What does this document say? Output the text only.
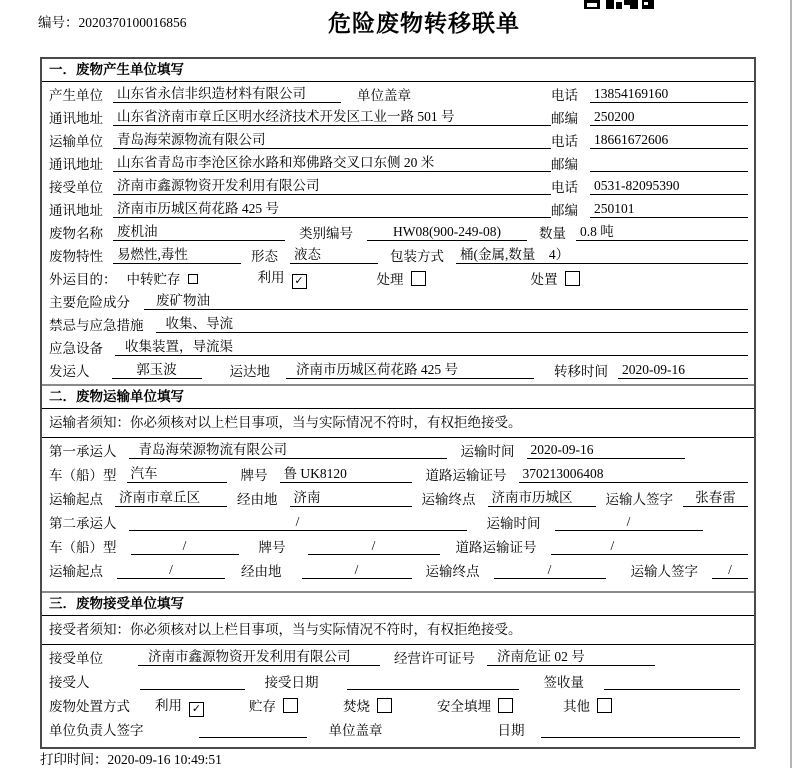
编号：2020370100016856	危险废物转移联单
一．废物产生单位填写
产生单位 山东省永信非织造材料有限公司	单位盖章	电话 13854169160
通讯地址 山东省济南市章丘区明水经济技术开发区工业一路 501 号	邮编 250200
运输单位 青岛海荣源物流有限公司	电话 18661672606
通讯地址 山东省青岛市李沧区徐水路和郑佛路交叉口东侧 20 米	邮编
接受单位 济南市鑫源物资开发利用有限公司	电话 0531-82095390
通讯地址 济南市历城区荷花路 425 号	邮编 250101
废物名称 废机油	类别编号	HW08(900-249-08)	数量 0.8 吨
废物特性 易燃性,毒性	形态 液态	包装方式 桶(金属,数量　4）
外运目的： 中转贮存	利用 ✓	处理	处置
主要危险成分	废矿物油
禁忌与应急措施	收集、导流
应急设备	收集装置，导流渠
发运人	郭玉波	运达地	济南市历城区荷花路 425 号	转移时间 2020-09-16
二．废物运输单位填写
运输者须知：你必须核对以上栏目事项，当与实际情况不符时，有权拒绝接受。
第一承运人	青岛海荣源物流有限公司	运输时间 2020-09-16
车（船）型 汽车	牌号 鲁 UK8120	道路运输证号 370213006408
运输起点 济南市章丘区	经由地 济南	运输终点 济南市历城区	运输人签字	张春雷
第二承运人	/	运输时间	/
车（船）型	/	牌号	/	道路运输证号	/
运输起点	/	经由地	/	运输终点	/	运输人签字	/
三．废物接受单位填写
接受者须知：你必须核对以上栏目事项，当与实际情况不符时，有权拒绝接受。
接受单位	济南市鑫源物资开发利用有限公司	经营许可证号	济南危证 02 号
接受人	接受日期	签收量
废物处置方式 利用 ✓	贮存	焚烧	安全填埋	其他
单位负责人签字	单位盖章	日期
打印时间：2020-09-16 10:49:51
